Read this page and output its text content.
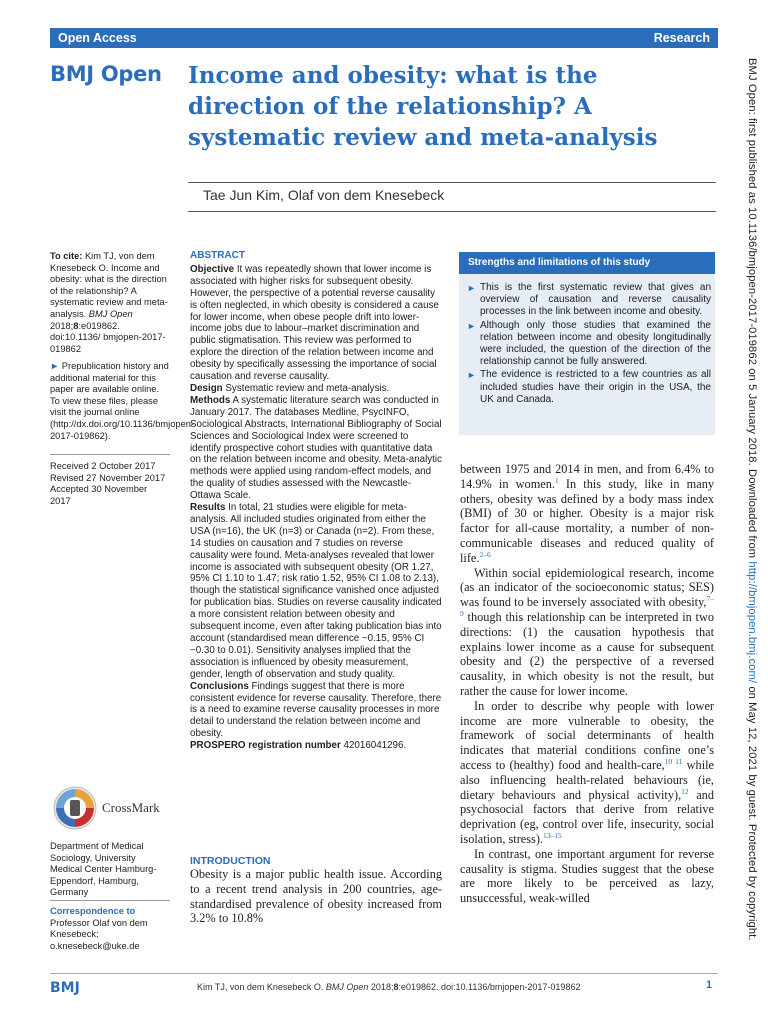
Open Access	Research
BMJ Open Income and obesity: what is the direction of the relationship? A systematic review and meta-analysis
Tae Jun Kim, Olaf von dem Knesebeck
To cite: Kim TJ, von dem Knesebeck O. Income and obesity: what is the direction of the relationship? A systematic review and meta-analysis. BMJ Open 2018;8:e019862. doi:10.1136/ bmjopen-2017-019862
► Prepublication history and additional material for this paper are available online. To view these files, please visit the journal online (http://dx.doi.org/10.1136/bmjopen-2017-019862).
Received 2 October 2017
Revised 27 November 2017
Accepted 30 November 2017
CrossMark
Department of Medical Sociology, University Medical Center Hamburg-Eppendorf, Hamburg, Germany
Correspondence to
Professor Olaf von dem Knesebeck; o.knesebeck@uke.de
ABSTRACT

Objective It was repeatedly shown that lower income is associated with higher risks for subsequent obesity. However, the perspective of a potential reverse causality is often neglected, in which obesity is considered a cause for lower income, when obese people drift into lower-income jobs due to labour–market discrimination and public stigmatisation. This review was performed to explore the direction of the relation between income and obesity by specifically assessing the importance of social causation and reverse causality.

Design Systematic review and meta-analysis.

Methods A systematic literature search was conducted in January 2017. The databases Medline, PsycINFO, Sociological Abstracts, International Bibliography of Social Sciences and Sociological Index were screened to identify prospective cohort studies with quantitative data on the relation between income and obesity. Meta-analytic methods were applied using random-effect models, and the quality of studies assessed with the Newcastle-Ottawa Scale.

Results In total, 21 studies were eligible for meta-analysis. All included studies originated from either the USA (n=16), the UK (n=3) or Canada (n=2). From these, 14 studies on causation and 7 studies on reverse causality were found. Meta-analyses revealed that lower income is associated with subsequent obesity (OR 1.27, 95% CI 1.10 to 1.47; risk ratio 1.52, 95% CI 1.08 to 2.13), though the statistical significance vanished once adjusted for publication bias. Studies on reverse causality indicated a more consistent relation between obesity and subsequent income, even after taking publication bias into account (standardised mean difference −0.15, 95% CI −0.30 to 0.01). Sensitivity analyses implied that the association is influenced by obesity measurement, gender, length of observation and study quality.

Conclusions Findings suggest that there is more consistent evidence for reverse causality. Therefore, there is a need to examine reverse causality processes in more detail to understand the relation between income and obesity.

PROSPERO registration number 42016041296.

INTRODUCTION
Obesity is a major public health issue. According to a recent trend analysis in 200 countries, age-standardised prevalence of obesity increased from 3.2% to 10.8%
Strengths and limitations of this study
► This is the first systematic review that gives an overview of causation and reverse causality processes in the link between income and obesity.
► Although only those studies that examined the relation between income and obesity longitudinally were included, the question of the direction of the relationship cannot be fully answered.
► The evidence is restricted to a few countries as all included studies have their origin in the USA, the UK and Canada.

between 1975 and 2014 in men, and from 6.4% to 14.9% in women.$^1$ In this study, like in many others, obesity was defined by a body mass index (BMI) of 30 or higher. Obesity is a major risk factor for all-cause mortality, a number of non-communicable diseases and reduced quality of life.$^{2-6}$

Within social epidemiological research, income (as an indicator of the socioeconomic status; SES) was found to be inversely associated with obesity,$^{7-9}$ though this relationship can be interpreted in two directions: (1) the causation hypothesis that explains lower income as a cause for subsequent obesity and (2) the perspective of a reversed causality, in which obesity is not the result, but rather the cause for lower income.

In order to describe why people with lower income are more vulnerable to obesity, the framework of social determinants of health indicates that material conditions confine one’s access to (healthy) food and health-care,$^{10 11}$ while also influencing health-related behaviours (ie, dietary behaviours and physical activity),$^{12}$ and psychosocial factors that derive from relative deprivation (eg, control over life, insecurity, social isolation, stress).$^{13-15}$

In contrast, one important argument for reverse causality is stigma. Studies suggest that the obese are more likely to be perceived as lazy, unsuccessful, weak-willed

BMJ Open: first published as 10.1136/bmjopen-2017-019862 on 5 January 2018. Downloaded from http://bmjopen.bmj.com/ on May 12, 2021 by guest. Protected by copyright.
BMJ	Kim TJ, von dem Knesebeck O. BMJ Open 2018;8:e019862. doi:10.1136/bmjopen-2017-019862	1
